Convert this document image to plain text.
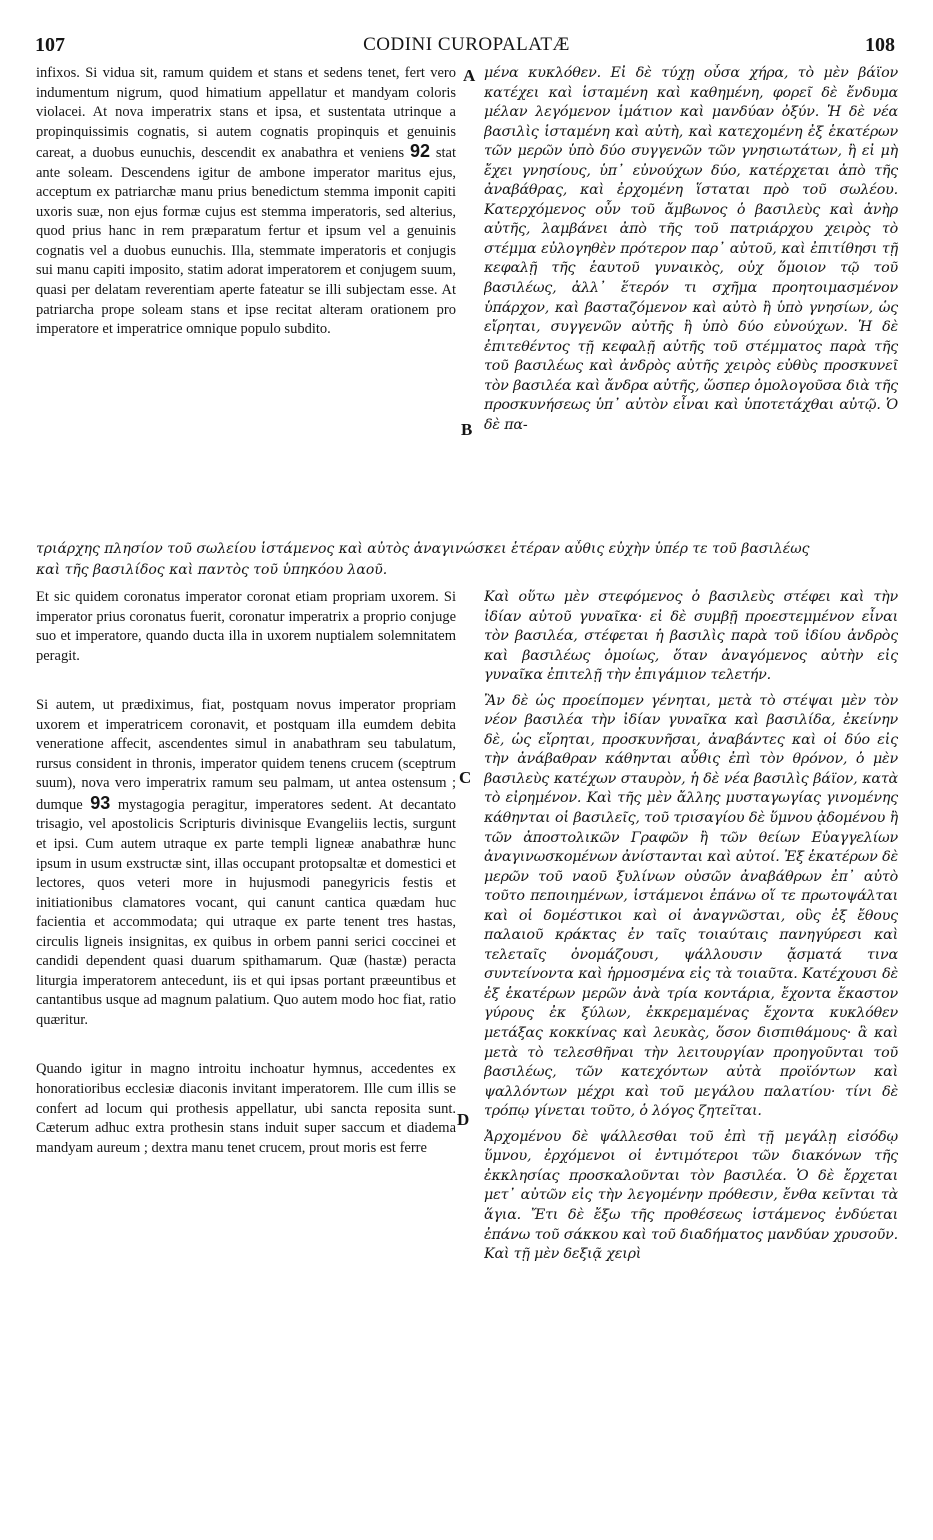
107	CODINI CUROPALATÆ	108
A
B
C
D

infixos. Si vidua sit, ramum quidem et stans et sedens tenet, fert vero indumentum nigrum, quod himatium appellatur et mandyam coloris violacei. At nova imperatrix stans et ipsa, et sustentata utrinque a propinquissimis cognatis, si autem cognatis propinquis et genuinis careat, a duobus eunuchis, descendit ex anabathra et veniens 92 stat ante soleam. Descendens igitur de ambone imperator maritus ejus, acceptum ex patriarchæ manu prius benedictum stemma imponit capiti uxoris suæ, non ejus formæ cujus est stemma imperatoris, sed alterius, quod prius hanc in rem præparatum fertur et ipsum vel a genuinis cognatis vel a duobus eunuchis. Illa, stemmate imperatoris et conjugis sui manu capiti imposito, statim adorat imperatorem et conjugem suum, quasi per delatam reverentiam aperte fateatur se illi subjectam esse. At patriarcha prope soleam stans et ipse recitat alteram orationem pro imperatore et imperatrice omnique populo subdito.

μένα κυκλόθεν. Εἰ δὲ τύχῃ οὖσα χήρα, τὸ μὲν βάϊον κατέχει καὶ ἱσταμένη καὶ καθημένη, φορεῖ δὲ ἔνδυμα μέλαν λεγόμενον ἱμάτιον καὶ μανδύαν ὀξύν. Ἡ δὲ νέα βασιλὶς ἱσταμένη καὶ αὐτὴ, καὶ κατεχομένη ἐξ ἑκατέρων τῶν μερῶν ὑπὸ δύο συγγενῶν τῶν γνησιωτάτων, ἢ εἰ μὴ ἔχει γνησίους, ὑπ᾿ εὐνούχων δύο, κατέρχεται ἀπὸ τῆς ἀναβάθρας, καὶ ἐρχομένη ἵσταται πρὸ τοῦ σωλέου. Κατερχόμενος οὖν τοῦ ἄμβωνος ὁ βασιλεὺς καὶ ἀνὴρ αὐτῆς, λαμβάνει ἀπὸ τῆς τοῦ πατριάρχου χειρὸς τὸ στέμμα εὐλογηθὲν πρότερον παρ᾿ αὐτοῦ, καὶ ἐπιτίθησι τῇ κεφαλῇ τῆς ἑαυτοῦ γυναικὸς, οὐχ ὅμοιον τῷ τοῦ βασιλέως, ἀλλ᾿ ἕτερόν τι σχῆμα προητοιμασμένον ὑπάρχον, καὶ βασταζόμενον καὶ αὐτὸ ἢ ὑπὸ γνησίων, ὡς εἴρηται, συγγενῶν αὐτῆς ἢ ὑπὸ δύο εὐνούχων. Ἡ δὲ ἐπιτεθέντος τῇ κεφαλῇ αὐτῆς τοῦ στέμματος παρὰ τῆς τοῦ βασιλέως καὶ ἀνδρὸς αὐτῆς χειρὸς εὐθὺς προσκυνεῖ τὸν βασιλέα καὶ ἄνδρα αὐτῆς, ὥσπερ ὁμολογοῦσα διὰ τῆς προσκυνήσεως ὑπ᾿ αὐτὸν εἶναι καὶ ὑποτετάχθαι αὐτῷ. Ὁ δὲ πα-

τριάρχης πλησίον τοῦ σωλείου ἱστάμενος καὶ αὐτὸς ἀναγινώσκει ἑτέραν αὖθις εὐχὴν ὑπέρ τε τοῦ βασιλέως
καὶ τῆς βασιλίδος καὶ παντὸς τοῦ ὑπηκόου λαοῦ.

Et sic quidem coronatus imperator coronat etiam propriam uxorem. Si imperator prius coronatus fuerit, coronatur imperatrix a proprio conjuge suo et imperatore, quando ducta illa in uxorem nuptialem solemnitatem peragit.

Si autem, ut prædiximus, fiat, postquam novus imperator propriam uxorem et imperatricem coronavit, et postquam illa eumdem debita veneratione affecit, ascendentes simul in anabathram seu tabulatum, rursus consident in thronis, imperator quidem tenens crucem (sceptrum suum), nova vero imperatrix ramum seu palmam, ut antea ostensum ; dumque 93 mystagogia peragitur, imperatores sedent. At decantato trisagio, vel apostolicis Scripturis divinisque Evangeliis lectis, surgunt et ipsi. Cum autem utraque ex parte templi ligneæ anabathræ hunc ipsum in usum exstructæ sint, illas occupant protopsaltæ et domestici et lectores, quos veteri more in hujusmodi panegyricis festis et initiationibus clamatores vocant, qui canunt cantica quædam huc facientia et accommodata; qui utraque ex parte tenent tres hastas, circulis ligneis insignitas, ex quibus in orbem panni serici coccinei et candidi dependent quasi duarum spithamarum. Quæ (hastæ) peracta liturgia imperatorem antecedunt, iis et qui ipsas portant præeuntibus et cantantibus usque ad magnum palatium. Quo autem modo hoc fiat, ratio quæritur.

Quando igitur in magno introitu inchoatur hymnus, accedentes ex honoratioribus ecclesiæ diaconis invitant imperatorem. Ille cum illis se confert ad locum qui prothesis appellatur, ubi sancta reposita sunt. Cæterum adhuc extra prothesin stans induit super saccum et diadema mandyam aureum ; dextra manu tenet crucem, prout moris est ferre

Καὶ οὕτω μὲν στεφόμενος ὁ βασιλεὺς στέφει καὶ τὴν ἰδίαν αὐτοῦ γυναῖκα· εἰ δὲ συμβῇ προεστεμμένον εἶναι τὸν βασιλέα, στέφεται ἡ βασιλὶς παρὰ τοῦ ἰδίου ἀνδρὸς καὶ βασιλέως ὁμοίως, ὅταν ἀναγόμενος αὐτὴν εἰς γυναῖκα ἐπιτελῇ τὴν ἐπιγάμιον τελετήν.

Ἂν δὲ ὡς προείπομεν γένηται, μετὰ τὸ στέψαι μὲν τὸν νέον βασιλέα τὴν ἰδίαν γυναῖκα καὶ βασιλίδα, ἐκείνην δὲ, ὡς εἴρηται, προσκυνῆσαι, ἀναβάντες καὶ οἱ δύο εἰς τὴν ἀνάβαθραν κάθηνται αὖθις ἐπὶ τὸν θρόνον, ὁ μὲν βασιλεὺς κατέχων σταυρὸν, ἡ δὲ νέα βασιλὶς βάϊον, κατὰ τὸ εἰρημένον. Καὶ τῆς μὲν ἄλλης μυσταγωγίας γινομένης κάθηνται οἱ βασιλεῖς, τοῦ τρισαγίου δὲ ὕμνου ᾀδομένου ἢ τῶν ἀποστολικῶν Γραφῶν ἢ τῶν θείων Εὐαγγελίων ἀναγινωσκομένων ἀνίστανται καὶ αὐτοί. Ἐξ ἑκατέρων δὲ μερῶν τοῦ ναοῦ ξυλίνων οὐσῶν ἀναβάθρων ἐπ᾿ αὐτὸ τοῦτο πεποιημένων, ἱστάμενοι ἐπάνω οἵ τε πρωτοψάλται καὶ οἱ δομέστικοι καὶ οἱ ἀναγνῶσται, οὓς ἐξ ἔθους παλαιοῦ κράκτας ἐν ταῖς τοιαύταις πανηγύρεσι καὶ τελεταῖς ὀνομάζουσι, ψάλλουσιν ᾄσματά τινα συντείνοντα καὶ ἡρμοσμένα εἰς τὰ τοιαῦτα. Κατέχουσι δὲ ἐξ ἑκατέρων μερῶν ἀνὰ τρία κοντάρια, ἔχοντα ἕκαστον γύρους ἐκ ξύλων, ἐκκρεμαμένας ἔχοντα κυκλόθεν μετάξας κοκκίνας καὶ λευκὰς, ὅσον δισπιθάμους· ἃ καὶ μετὰ τὸ τελεσθῆναι τὴν λειτουργίαν προηγοῦνται τοῦ βασιλέως, τῶν κατεχόντων αὐτὰ προϊόντων καὶ ψαλλόντων μέχρι καὶ τοῦ μεγάλου παλατίου· τίνι δὲ τρόπῳ γίνεται τοῦτο, ὁ λόγος ζητεῖται.

Ἀρχομένου δὲ ψάλλεσθαι τοῦ ἐπὶ τῇ μεγάλῃ εἰσόδῳ ὕμνου, ἐρχόμενοι οἱ ἐντιμότεροι τῶν διακόνων τῆς ἐκκλησίας προσκαλοῦνται τὸν βασιλέα. Ὁ δὲ ἔρχεται μετ᾿ αὐτῶν εἰς τὴν λεγομένην πρόθεσιν, ἔνθα κεῖνται τὰ ἅγια. Ἔτι δὲ ἔξω τῆς προθέσεως ἱστάμενος ἐνδύεται ἐπάνω τοῦ σάκκου καὶ τοῦ διαδήματος μανδύαν χρυσοῦν. Καὶ τῇ μὲν δεξιᾷ χειρὶ
